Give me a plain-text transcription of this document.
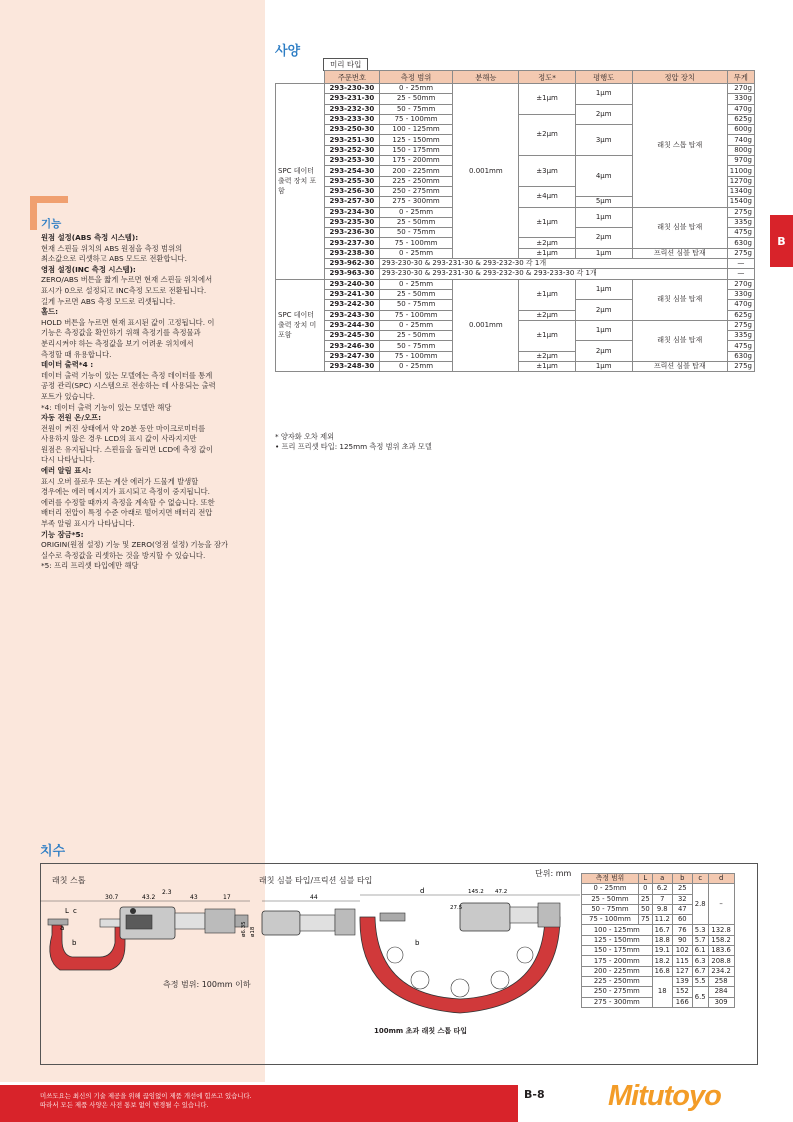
B
기능

원점 설정(ABS 측정 시스템):

현재 스핀들 위치의 ABS 원점을 측정 범위의

최소값으로 리셋하고 ABS 모드로 전환합니다.

영점 설정(INC 측정 시스템):

ZERO/ABS 버튼을 짧게 누르면 현재 스핀들 위치에서

표시가 0으로 설정되고 INC측정 모드로 전환됩니다.

길게 누르면 ABS 측정 모드로 리셋됩니다.

홀드:

HOLD 버튼을 누르면 현재 표시된 값이 고정됩니다. 이

기능은 측정값을 확인하기 위해 측정기를 측정물과

분리시켜야 하는 측정값을 보기 어려운 위치에서

측정할 때 유용합니다.

데이터 출력*4 :

데이터 출력 기능이 있는 모델에는 측정 데이터를 통계

공정 관리(SPC) 시스템으로 전송하는 데 사용되는 출력

포트가 있습니다.

*4: 데이터 출력 기능이 있는 모델만 해당

자동 전원 온/오프:

전원이 켜진 상태에서 약 20분 동안 마이크로미터를

사용하지 않은 경우 LCD의 표시 값이 사라지지만

원점은 유지됩니다. 스핀들을 돌리면 LCD에 측정 값이

다시 나타납니다.

에러 알림 표시:

표시 오버 플로우 또는 계산 에러가 드물게 발생할

경우에는 에러 메시지가 표시되고 측정이 중지됩니다.

에러를 수정할 때까지 측정을 계속할 수 없습니다. 또한

배터리 전압이 특정 수준 아래로 떨어지면 배터리 전압

부족 알림 표시가 나타납니다.

기능 잠금*5:

ORIGIN(원점 설정) 기능 및 ZERO(영점 설정) 기능을 잠가

실수로 측정값을 리셋하는 것을 방지할 수 있습니다.

*5: 프리 프리셋 타입에만 해당

사양
미리 타입
	주문번호	측정 범위	분해능	정도*	평행도	정압 장치	무게
SPC 데이터 출력 장치 포함	293-230-30	0 - 25mm	0.001mm	±1μm	1μm	래칫 스톱 탑재	270g
	293-231-30	25 - 50mm					330g
	293-232-30	50 - 75mm			2μm		470g
	293-233-30	75 - 100mm		±2μm			625g
	293-250-30	100 - 125mm			3μm		600g
	293-251-30	125 - 150mm					740g
	293-252-30	150 - 175mm					800g
	293-253-30	175 - 200mm		±3μm	4μm		970g
	293-254-30	200 - 225mm					1100g
	293-255-30	225 - 250mm					1270g
	293-256-30	250 - 275mm		±4μm			1340g
	293-257-30	275 - 300mm			5μm		1540g
	293-234-30	0 - 25mm		±1μm	1μm	래칫 심블 탑재	275g
	293-235-30	25 - 50mm					335g
	293-236-30	50 - 75mm			2μm		475g
	293-237-30	75 - 100mm		±2μm			630g
	293-238-30	0 - 25mm		±1μm	1μm	프릭션 심블 탑재	275g
	293-962-30	293-230-30 & 293-231-30 & 293-232-30 각 1개					—
	293-963-30	293-230-30 & 293-231-30 & 293-232-30 & 293-233-30 각 1개					—
SPC 데이터 출력 장치 미포함	293-240-30	0 - 25mm	0.001mm	±1μm	1μm	래칫 심블 탑재	270g
	293-241-30	25 - 50mm					330g
	293-242-30	50 - 75mm			2μm		470g
	293-243-30	75 - 100mm		±2μm			625g
	293-244-30	0 - 25mm		±1μm	1μm	래칫 심블 탑재	275g
	293-245-30	25 - 50mm					335g
	293-246-30	50 - 75mm			2μm		475g
	293-247-30	75 - 100mm		±2μm			630g
	293-248-30	0 - 25mm		±1μm	1μm	프릭션 심블 탑재	275g
* 양자화 오차 제외
• 프리 프리셋 타입: 125mm 측정 범위 초과 모델
치수
단위: mm
래칫 스톱	래칫 심블 타입/프릭션 심블 타입
측정 범위: 100mm 이하
100mm 초과 래칫 스톱 타입
L c
a
b
30.7	43.2
2.3
43	17
ø6.35 ø18
44
d
b
145.2 47.2
27.5
측정 범위	L	a	b	c	d
0 - 25mm	0	6.2	25	2.8	–
25 - 50mm	25	7	32		
50 - 75mm	50	9.8	47		
75 - 100mm	75	11.2	60		
100 - 125mm		16.7	76	5.3	132.8
125 - 150mm		18.8	90	5.7	158.2
150 - 175mm		19.1	102	6.1	183.6
175 - 200mm		18.2	115	6.3	208.8
200 - 225mm		16.8	127	6.7	234.2
225 - 250mm		18	139	5.5	258
250 - 275mm			152	6.5	284
275 - 300mm			166		309
미쓰도요는 최신의 기술 제공을 위해 끊임없이 제품 개선에 힘쓰고 있습니다.
따라서 모든 제품 사양은 사전 통보 없이 변경될 수 있습니다.
B-8 Mitutoyo
